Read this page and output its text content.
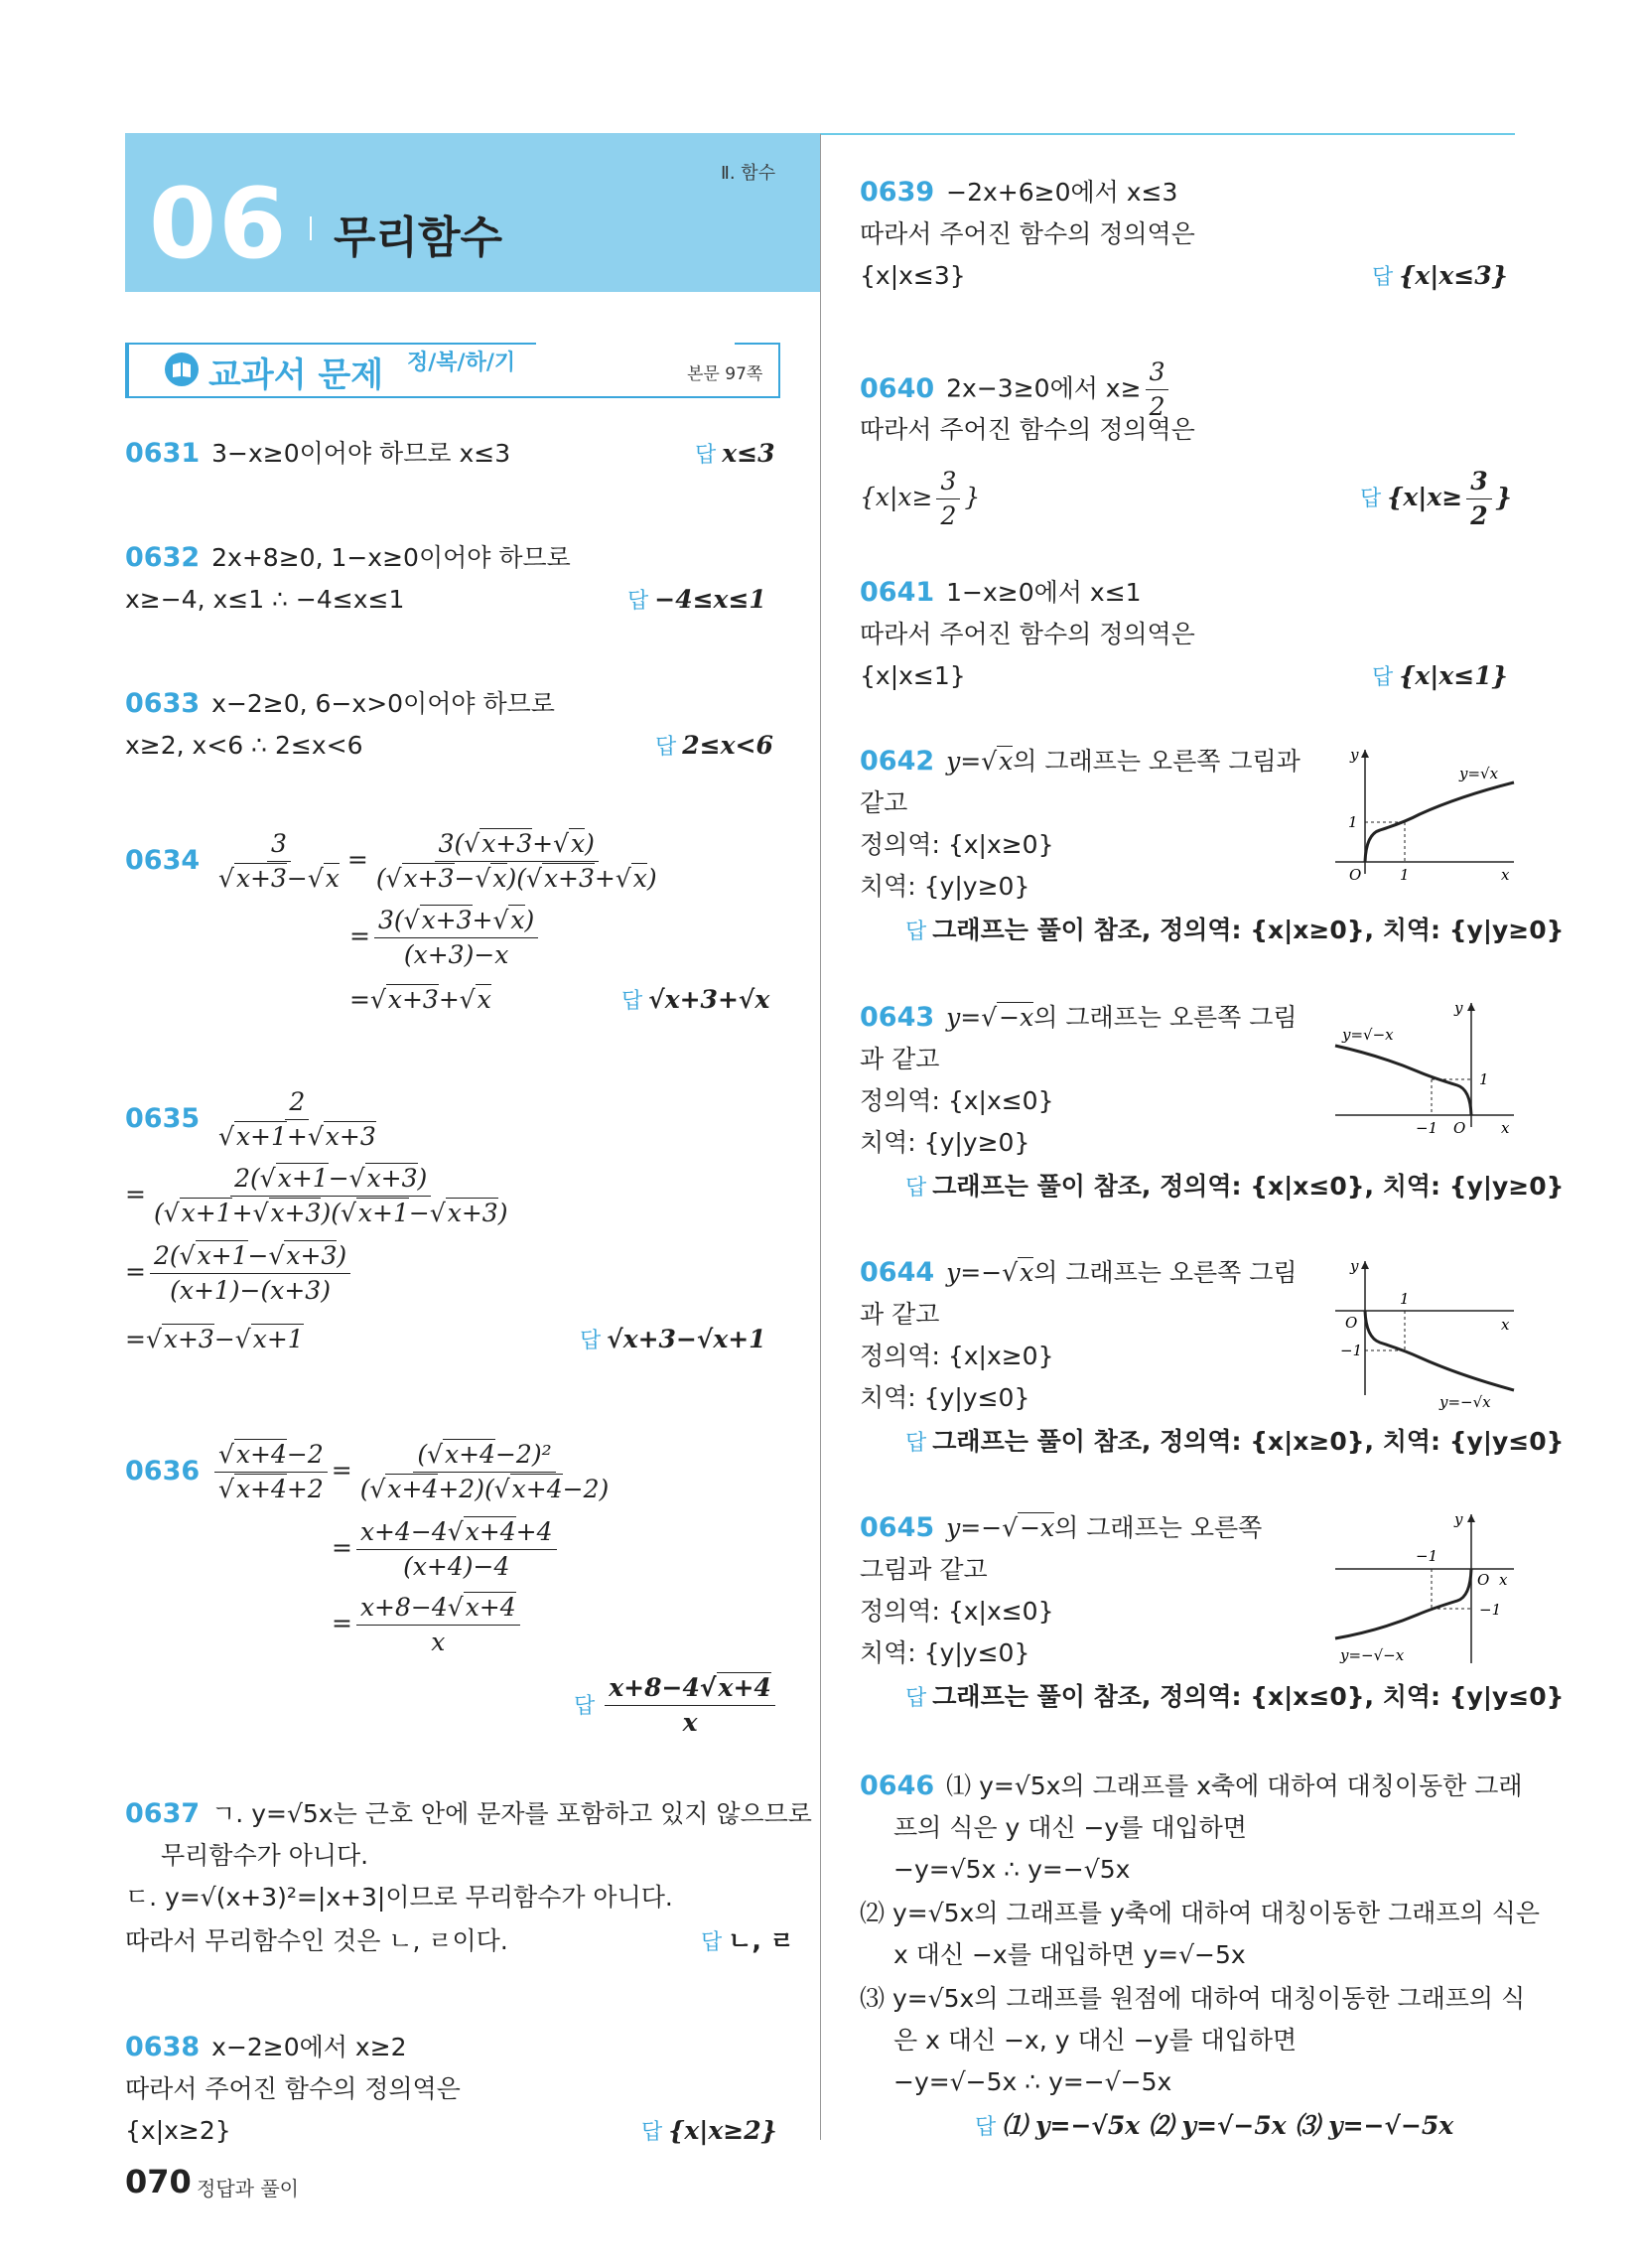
06 무리함수
Ⅱ. 함수
교과서 문제 정/복/하/기	본문 97쪽
0631 3−x≥0이어야 하므로 x≤3	답 x≤3
0632 2x+8≥0, 1−x≥0이어야 하므로
x≥−4, x≤1 ∴ −4≤x≤1	답 −4≤x≤1
0633 x−2≥0, 6−x>0이어야 하므로
x≥2, x<6 ∴ 2≤x<6	답 2≤x<6
$0634 \frac{3}{√x+3-√x} = \frac{3(√x+3+√x)}{(√x+3-√x)(√x+3+√x)}$
= $\frac{3(√x+3+√x)}{(x+3)-x}$
=√x+3+√x	답 √x+3+√x
$0635 \frac{2}{√x+1+√x+3}$
= $\frac{2(√x+1-√x+3)}{(√x+1+√x+3)(√x+1-√x+3)}$
= $\frac{2(√x+1-√x+3)}{(x+1)-(x+3)}$
=√x+3−√x+1	답 √x+3−√x+1
$0636 \frac{√x+4-2}{√x+4+2} = \frac{\text{(√x+4−2)²}}{(√x+4+2)(√x+4-2)}$
= $\frac{x+4-4√x+4+4}{(x+4)-4}$
= $\frac{x+8-4√x+4}{x}$
답 $\frac{x+8-4√x+4}{x}$
0637 ㄱ. y=√5x는 근호 안에 문자를 포함하고 있지 않으므로
무리함수가 아니다.
ㄷ. y=√(x+3)²=|x+3|이므로 무리함수가 아니다.
따라서 무리함수인 것은 ㄴ, ㄹ이다.	답 ㄴ, ㄹ
0638 x−2≥0에서 x≥2
따라서 주어진 함수의 정의역은
{x|x≥2}	답 {x|x≥2}
0639 −2x+6≥0에서 x≤3
따라서 주어진 함수의 정의역은
{x|x≤3}	답 {x|x≤3}
0640 2x−3≥0에서 $x\ge \frac{3}{2}$
따라서 주어진 함수의 정의역은
{$x|x\ge \frac{3}{2}$ }	답 {$x|x\ge \frac{3}{2}$ }
0641 1−x≥0에서 x≤1
따라서 주어진 함수의 정의역은
{x|x≤1}	답 {x|x≤1}
0642 y=√x의 그래프는 오른쪽 그림과
같고
정의역: {x|x≥0}
치역: {y|y≥0}
답 그래프는 풀이 참조, 정의역: {x|x≥0}, 치역: {y|y≥0}
y
1
O	1	x
y=√x
0643 y=√−x의 그래프는 오른쪽 그림
과 같고
정의역: {x|x≤0}
치역: {y|y≥0}
답 그래프는 풀이 참조, 정의역: {x|x≤0}, 치역: {y|y≥0}
y
1
−1 O x
y=√−x
0644 y=−√x의 그래프는 오른쪽 그림
과 같고
정의역: {x|x≥0}
치역: {y|y≤0}
답 그래프는 풀이 참조, 정의역: {x|x≥0}, 치역: {y|y≤0}
y
O
−1
1
x
y=−√x
0645 y=−√−x의 그래프는 오른쪽
그림과 같고
정의역: {x|x≤0}
치역: {y|y≤0}
답 그래프는 풀이 참조, 정의역: {x|x≤0}, 치역: {y|y≤0}
y
−1
O x
−1
y=−√−x
0646 ⑴ y=√5x의 그래프를 x축에 대하여 대칭이동한 그래
프의 식은 y 대신 −y를 대입하면
−y=√5x ∴ y=−√5x
⑵ y=√5x의 그래프를 y축에 대하여 대칭이동한 그래프의 식은
x 대신 −x를 대입하면 y=√−5x
⑶ y=√5x의 그래프를 원점에 대하여 대칭이동한 그래프의 식
은 x 대신 −x, y 대신 −y를 대입하면
−y=√−5x ∴ y=−√−5x
답 ⑴ y=−√5x ⑵ y=√−5x ⑶ y=−√−5x
070 정답과 풀이
